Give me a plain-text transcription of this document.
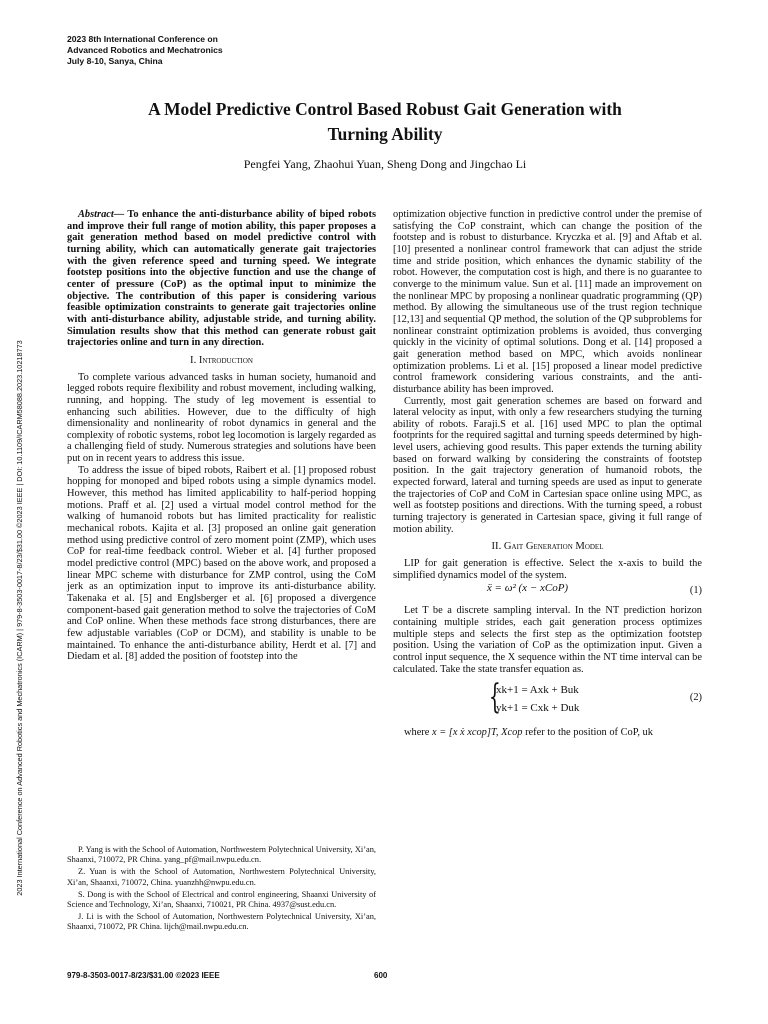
2023 8th International Conference on
Advanced Robotics and Mechatronics
July 8-10, Sanya, China
A Model Predictive Control Based Robust Gait Generation with
Turning Ability
Pengfei Yang, Zhaohui Yuan, Sheng Dong and Jingchao Li
2023 International Conference on Advanced Robotics and Mechatronics (ICARM) | 979-8-3503-0017-8/23/$31.00 ©2023 IEEE | DOI: 10.1109/ICARM58088.2023.10218773

Abstract— To enhance the anti-disturbance ability of biped robots and improve their full range of motion ability, this paper proposes a gait generation method based on model predictive control with turning ability, which can automatically generate gait trajectories with the given reference speed and turning speed. We integrate footstep positions into the objective function and use the change of center of pressure (CoP) as the optimal input to minimize the objective. The contribution of this paper is considering various feasible optimization constraints to generate gait trajectories online with anti-disturbance ability, adjustable stride, and turning ability. Simulation results show that this method can generate robust gait trajectories online and turn in any direction.

I. Introduction

To complete various advanced tasks in human society, humanoid and legged robots require flexibility and robust movement, including walking, running, and hopping. The study of leg movement is essential to enhancing such abilities. However, due to the difficulty of high dimensionality and nonlinearity of robot dynamics in general and the complexity of robotic systems, robot leg locomotion is largely regarded as a challenging field of study. Numerous strategies and solutions have been put on in recent years to address this issue.

To address the issue of biped robots, Raibert et al. [1] proposed robust hopping for monoped and biped robots using a simple dynamics model. However, this method has limited applicability to half-period hopping motions. Praff et al. [2] used a virtual model control method for the walking of humanoid robots but has limited practicality for realistic mechanical robots. Kajita et al. [3] proposed an online gait generation method using predictive control of zero moment point (ZMP), which uses CoP for real-time feedback control. Wieber et al. [4] further proposed model predictive control (MPC) based on the above work, and proposed a linear MPC scheme with disturbance for ZMP control, using the CoM jerk as an optimization input to improve its anti-disturbance ability. Takenaka et al. [5] and Englsberger et al. [6] proposed a divergence component-based gait generation method to solve the trajectories of CoM and CoP online. When these methods face strong disturbances, there are few adjustable variables (CoP or DCM), and stability is unable to be maintained. To enhance the anti-disturbance ability, Herdt et al. [7] and Diedam et al. [8] added the position of footstep into the

P. Yang is with the School of Automation, Northwestern Polytechnical University, Xi’an, Shaanxi, 710072, PR China. yang_pf@mail.nwpu.edu.cn.

Z. Yuan is with the School of Automation, Northwestern Polytechnical University, Xi’an, Shaanxi, 710072, China. yuanzhh@nwpu.edu.cn.

S. Dong is with the School of Electrical and control engineering, Shaanxi University of Science and Technology, Xi’an, Shaanxi, 710021, PR China. 4937@sust.edu.cn.

J. Li is with the School of Automation, Northwestern Polytechnical University, Xi’an, Shaanxi, 710072, PR China. lijch@mail.nwpu.edu.cn.

optimization objective function in predictive control under the premise of satisfying the CoP constraint, which can change the position of the footstep and is robust to disturbance. Kryczka et al. [9] and Aftab et al. [10] presented a nonlinear control framework that can adjust the stride time and stride position, which enhances the dynamic stability of the robot. However, the computation cost is high, and there is no guarantee to converge to the minimum value. Sun et al. [11] made an improvement on the nonlinear MPC by proposing a nonlinear quadratic programming (QP) method. By allowing the simultaneous use of the trust region technique [12,13] and sequential QP method, the solution of the QP subproblems for nonlinear constraint optimization problems is avoided, thus converging quickly in the vicinity of optimal solutions. Dong et al. [14] proposed a gait generation method based on MPC, which avoids nonlinear optimization problems. Li et al. [15] proposed a linear model predictive control framework considering various constraints, and the anti-disturbance ability has been improved.

Currently, most gait generation schemes are based on forward and lateral velocity as input, with only a few researchers studying the turning ability of robots. Faraji.S et al. [16] used MPC to plan the optimal footprints for the required sagittal and turning speeds determined by high-level users, achieving good results. This paper extends the turning ability based on forward walking by considering the constraints of footstep position. In the gait trajectory generation of humanoid robots, the expected forward, lateral and turning speeds are used as input to generate the trajectories of CoP and CoM in Cartesian space online using MPC, as well as footstep positions and directions. With the turning speed, a robust turning trajectory is generated in Cartesian space, giving it full range of motion ability.

II. Gait Generation Model

LIP for gait generation is effective. Select the x-axis to build the simplified dynamics model of the system.

ẍ = ω² (x − xCoP)	(1)

Let T be a discrete sampling interval. In the NT prediction horizon containing multiple strides, each gait generation process optimizes multiple steps and selects the first step as the optimization footstep position. Using the variation of CoP as the optimization input. Given a control input sequence, the X sequence within the NT time interval can be calculated. Take the state transfer equation as.

{
xk+1 = Axk + Buk
yk+1 = Cxk + Duk
(2)

where x = [x ẋ xcop]T, Xcop refer to the position of CoP, uk

979-8-3503-0017-8/23/$31.00 ©2023 IEEE	600
